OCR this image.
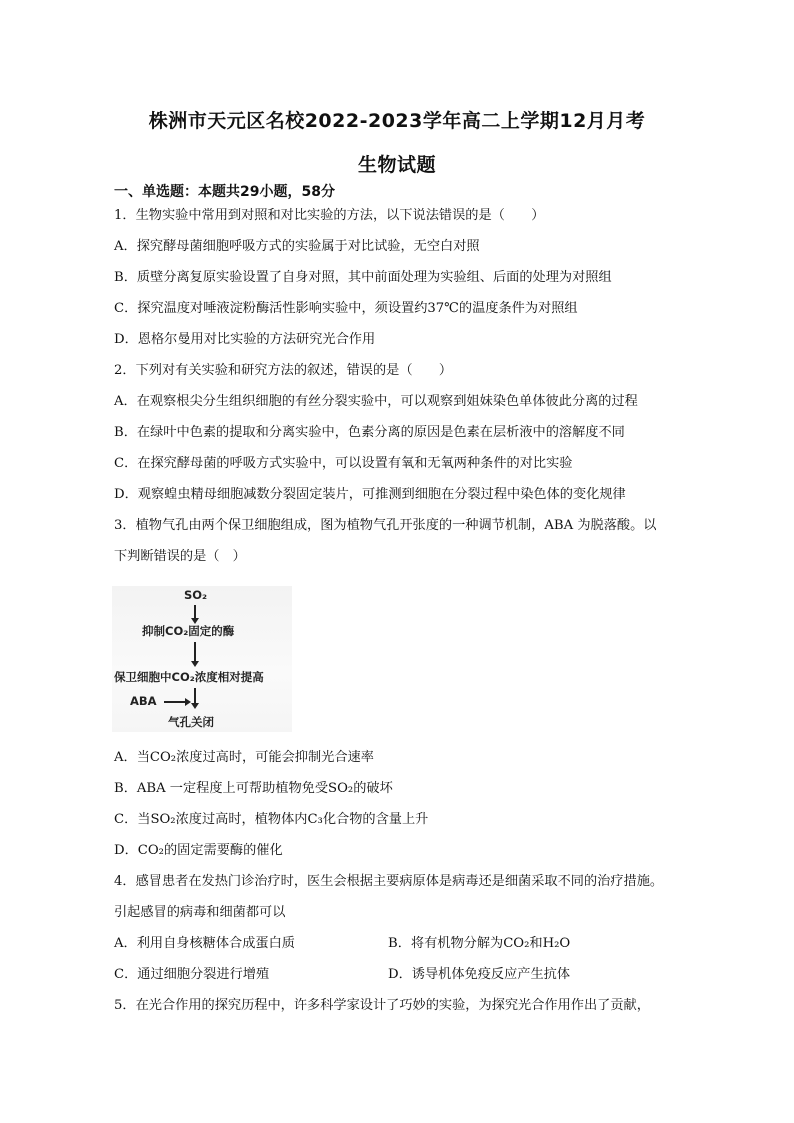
株洲市天元区名校2022-2023学年高二上学期12月月考
生物试题
一、单选题：本题共29小题，58分
1．生物实验中常用到对照和对比实验的方法，以下说法错误的是（　　）
A．探究酵母菌细胞呼吸方式的实验属于对比试验，无空白对照
B．质壁分离复原实验设置了自身对照，其中前面处理为实验组、后面的处理为对照组
C．探究温度对唾液淀粉酶活性影响实验中，须设置约37℃的温度条件为对照组
D．恩格尔曼用对比实验的方法研究光合作用
2．下列对有关实验和研究方法的叙述，错误的是（　　）
A．在观察根尖分生组织细胞的有丝分裂实验中，可以观察到姐妹染色单体彼此分离的过程
B．在绿叶中色素的提取和分离实验中，色素分离的原因是色素在层析液中的溶解度不同
C．在探究酵母菌的呼吸方式实验中，可以设置有氧和无氧两种条件的对比实验
D．观察蝗虫精母细胞减数分裂固定装片，可推测到细胞在分裂过程中染色体的变化规律
3．植物气孔由两个保卫细胞组成，图为植物气孔开张度的一种调节机制，ABA 为脱落酸。以
下判断错误的是（　）
SO₂
抑制CO₂固定的酶
保卫细胞中CO₂浓度相对提高
ABA
气孔关闭
A．当CO₂浓度过高时，可能会抑制光合速率
B．ABA 一定程度上可帮助植物免受SO₂的破坏
C．当SO₂浓度过高时，植物体内C₃化合物的含量上升
D．CO₂的固定需要酶的催化
4．感冒患者在发热门诊治疗时，医生会根据主要病原体是病毒还是细菌采取不同的治疗措施。
引起感冒的病毒和细菌都可以
A．利用自身核糖体合成蛋白质	B．将有机物分解为CO₂和H₂O
C．通过细胞分裂进行增殖	D．诱导机体免疫反应产生抗体
5．在光合作用的探究历程中，许多科学家设计了巧妙的实验，为探究光合作用作出了贡献，
